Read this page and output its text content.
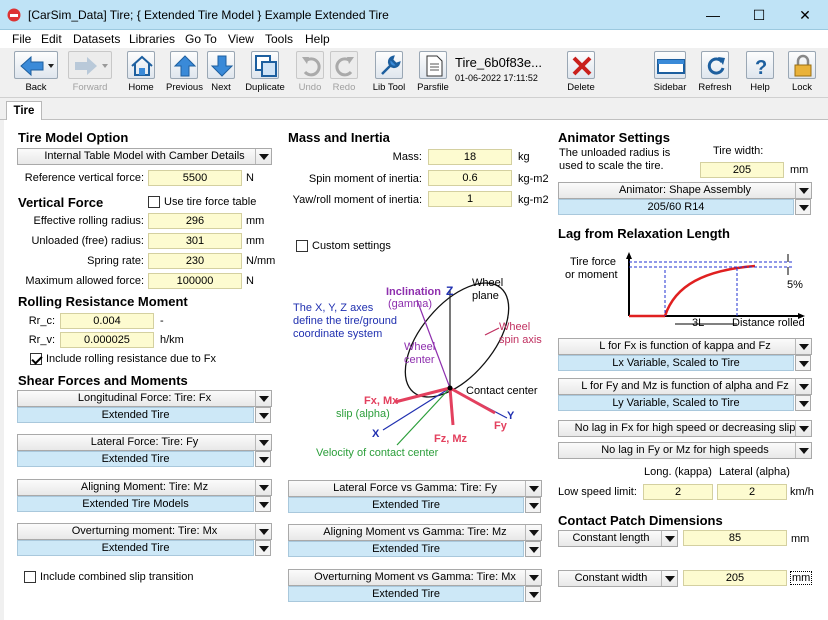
[CarSim_Data] Tire; { Extended Tire Model } Example Extended Tire	—	☐	✕
File Edit Datasets Libraries Go To View Tools Help
Back	Forward	Home Previous Next	Duplicate	Undo	Redo	Lib Tool Parsfile
Tire_6b0f83e...
01-06-2022 17:11:52
Delete	Sidebar	Refresh
?
Help	Lock
Tire
Tire Model Option
Internal Table Model with Camber Details
Reference vertical force:	5500	N
Vertical Force	Use tire force table
Effective rolling radius:	296	mm
Unloaded (free) radius:	301	mm
Spring rate:	230	N/mm
Maximum allowed force:	100000	N
Rolling Resistance Moment
Rr_c:	0.004	-
Rr_v:	0.000025	h/km
Include rolling resistance due to Fx
Shear Forces and Moments
Longitudinal Force: Tire: Fx
Extended Tire
Lateral Force: Tire: Fy
Extended Tire
Aligning Moment: Tire: Mz
Extended Tire Models
Overturning moment: Tire: Mx
Extended Tire
Include combined slip transition
Mass and Inertia
Mass:	18	kg
Spin moment of inertia:	0.6	kg-m2
Yaw/roll moment of inertia:	1	kg-m2
Custom settings
Inclination
(gamma)
Z
Wheel
plane
The X, Y, Z axes
define the tire/ground
coordinate system
Wheel
spin axis
Wheel
center
Contact center
Fx, Mx
slip (alpha)
X
Y
Fy
Fz, Mz
Velocity of contact center
Lateral Force vs Gamma: Tire: Fy
Extended Tire
Aligning Moment vs Gamma: Tire: Mz
Extended Tire
Overturning Moment vs Gamma: Tire: Mx
Extended Tire
Animator Settings
The unloaded radius is
used to scale the tire.
Tire width:
205	mm
Animator: Shape Assembly
205/60 R14
Lag from Relaxation Length
Tire force
or moment
5%
3L	Distance rolled
L for Fx is function of kappa and Fz
Lx Variable, Scaled to Tire
L for Fy and Mz is function of alpha and Fz
Ly Variable, Scaled to Tire
No lag in Fx for high speed or decreasing slip
No lag in Fy or Mz for high speeds
Long. (kappa) Lateral (alpha)
Low speed limit:	2	2	km/h
Contact Patch Dimensions
Constant length	85	mm
Constant width	205	mm
